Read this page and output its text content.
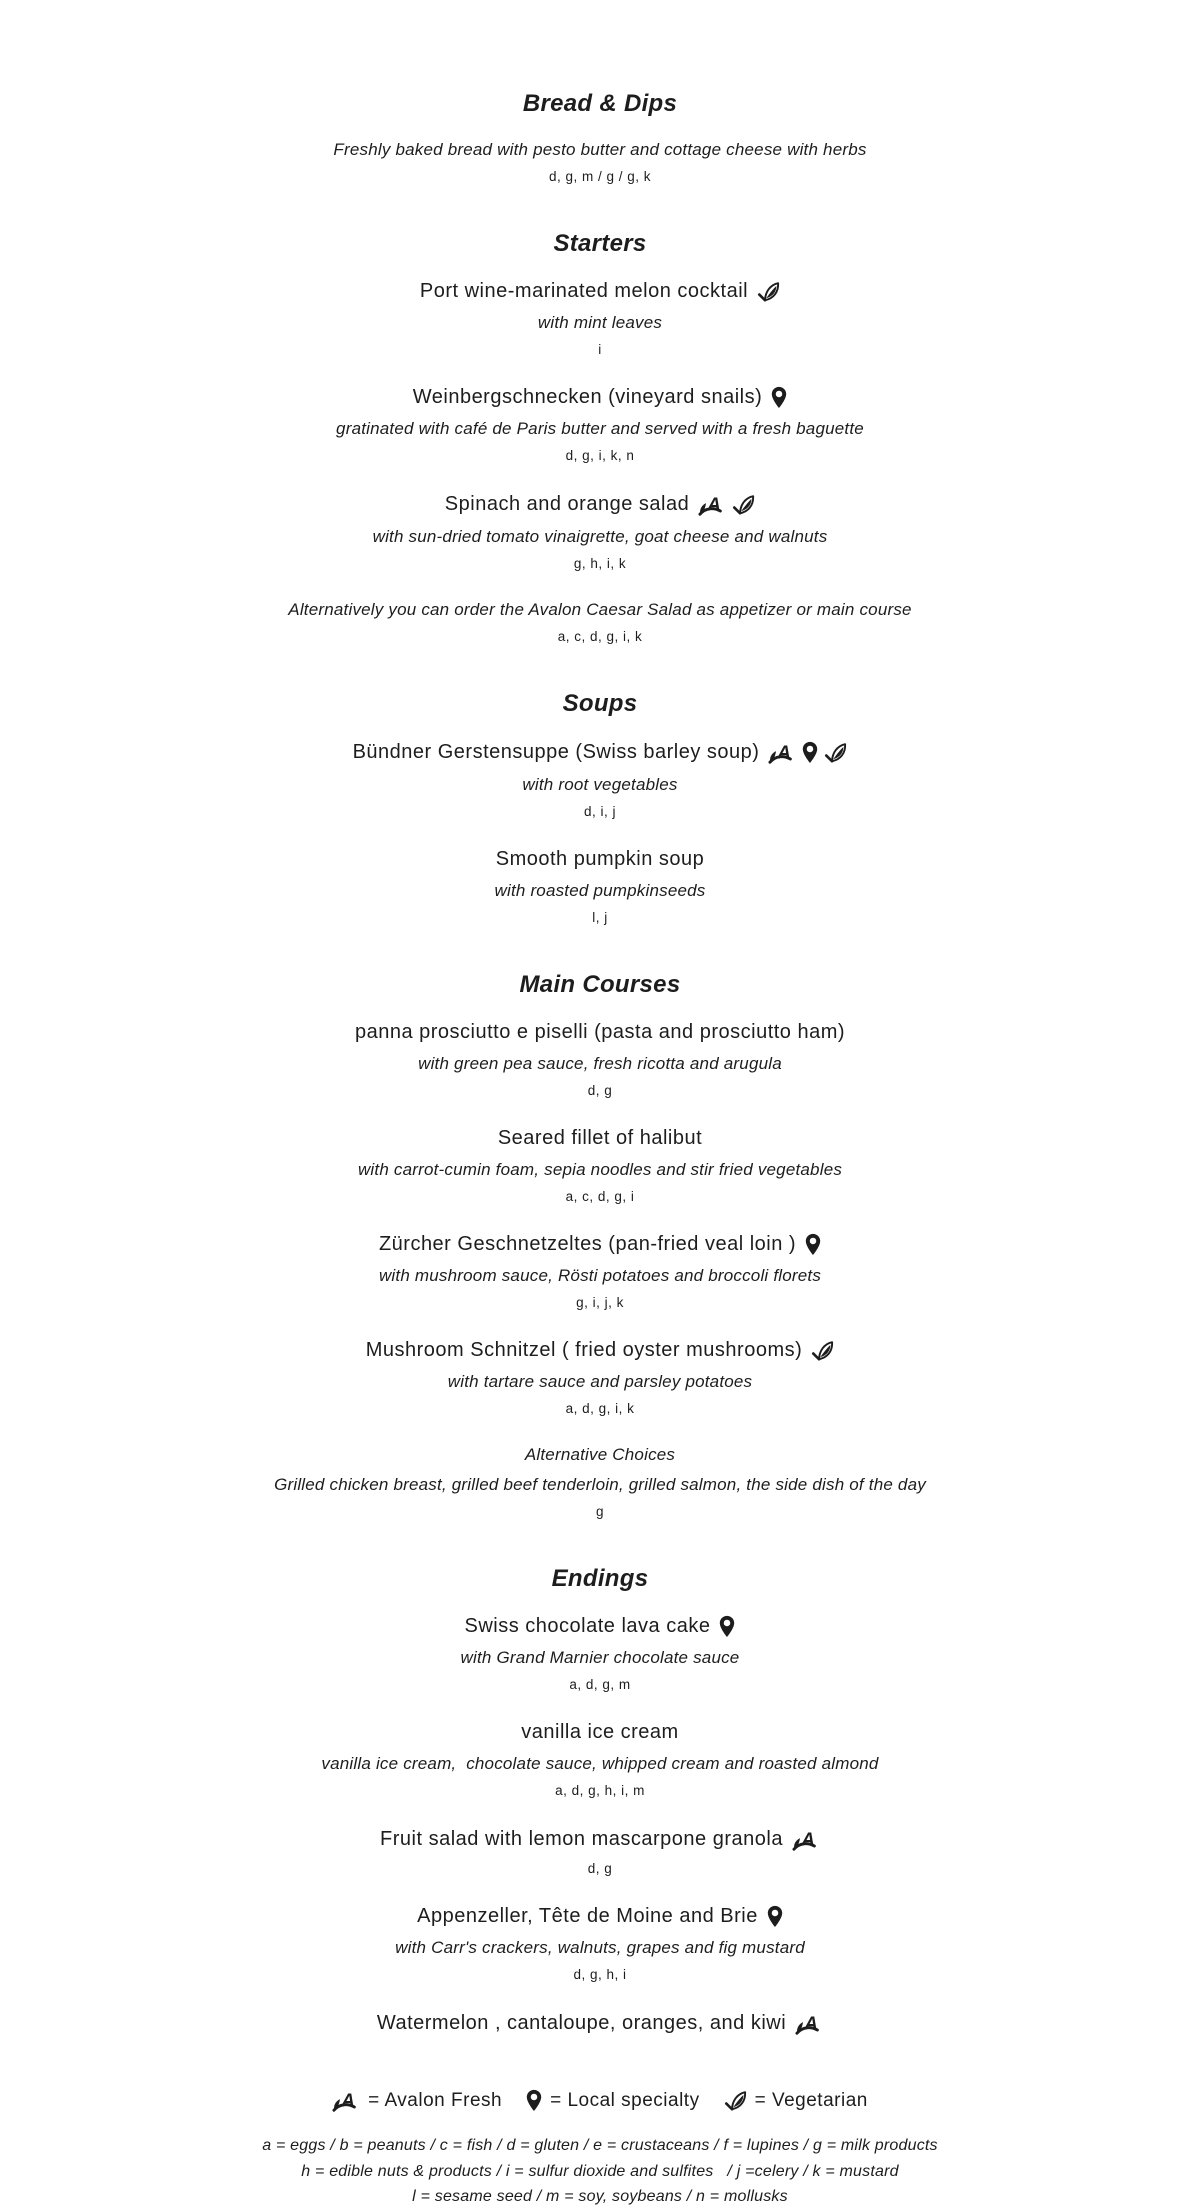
Bread & Dips
Freshly baked bread with pesto butter and cottage cheese with herbs
d, g, m / g / g, k
Starters
Port wine-marinated melon cocktail
with mint leaves
i
Weinbergschnecken (vineyard snails)
gratinated with café de Paris butter and served with a fresh baguette
d, g, i, k, n
Spinach and orange salad A
with sun-dried tomato vinaigrette, goat cheese and walnuts
g, h, i, k
Alternatively you can order the Avalon Caesar Salad as appetizer or main course
a, c, d, g, i, k
Soups
Bündner Gerstensuppe (Swiss barley soup) A
with root vegetables
d, i, j
Smooth pumpkin soup
with roasted pumpkinseeds
l, j
Main Courses
panna prosciutto e piselli (pasta and prosciutto ham)
with green pea sauce, fresh ricotta and arugula
d, g
Seared fillet of halibut
with carrot-cumin foam, sepia noodles and stir fried vegetables
a, c, d, g, i
Zürcher Geschnetzeltes (pan-fried veal loin )
with mushroom sauce, Rösti potatoes and broccoli florets
g, i, j, k
Mushroom Schnitzel ( fried oyster mushrooms)
with tartare sauce and parsley potatoes
a, d, g, i, k
Alternative Choices
Grilled chicken breast, grilled beef tenderloin, grilled salmon, the side dish of the day
g
Endings
Swiss chocolate lava cake
with Grand Marnier chocolate sauce
a, d, g, m
vanilla ice cream
vanilla ice cream,  chocolate sauce, whipped cream and roasted almond
a, d, g, h, i, m
Fruit salad with lemon mascarpone granola A
d, g
Appenzeller, Tête de Moine and Brie
with Carr's crackers, walnuts, grapes and fig mustard
d, g, h, i
Watermelon , cantaloupe, oranges, and kiwi A
A = Avalon Fresh	= Local specialty	= Vegetarian
a = eggs / b = peanuts / c = fish / d = gluten / e = crustaceans / f = lupines / g = milk products
h = edible nuts & products / i = sulfur dioxide and sulfites   / j =celery / k = mustard
l = sesame seed / m = soy, soybeans / n = mollusks
